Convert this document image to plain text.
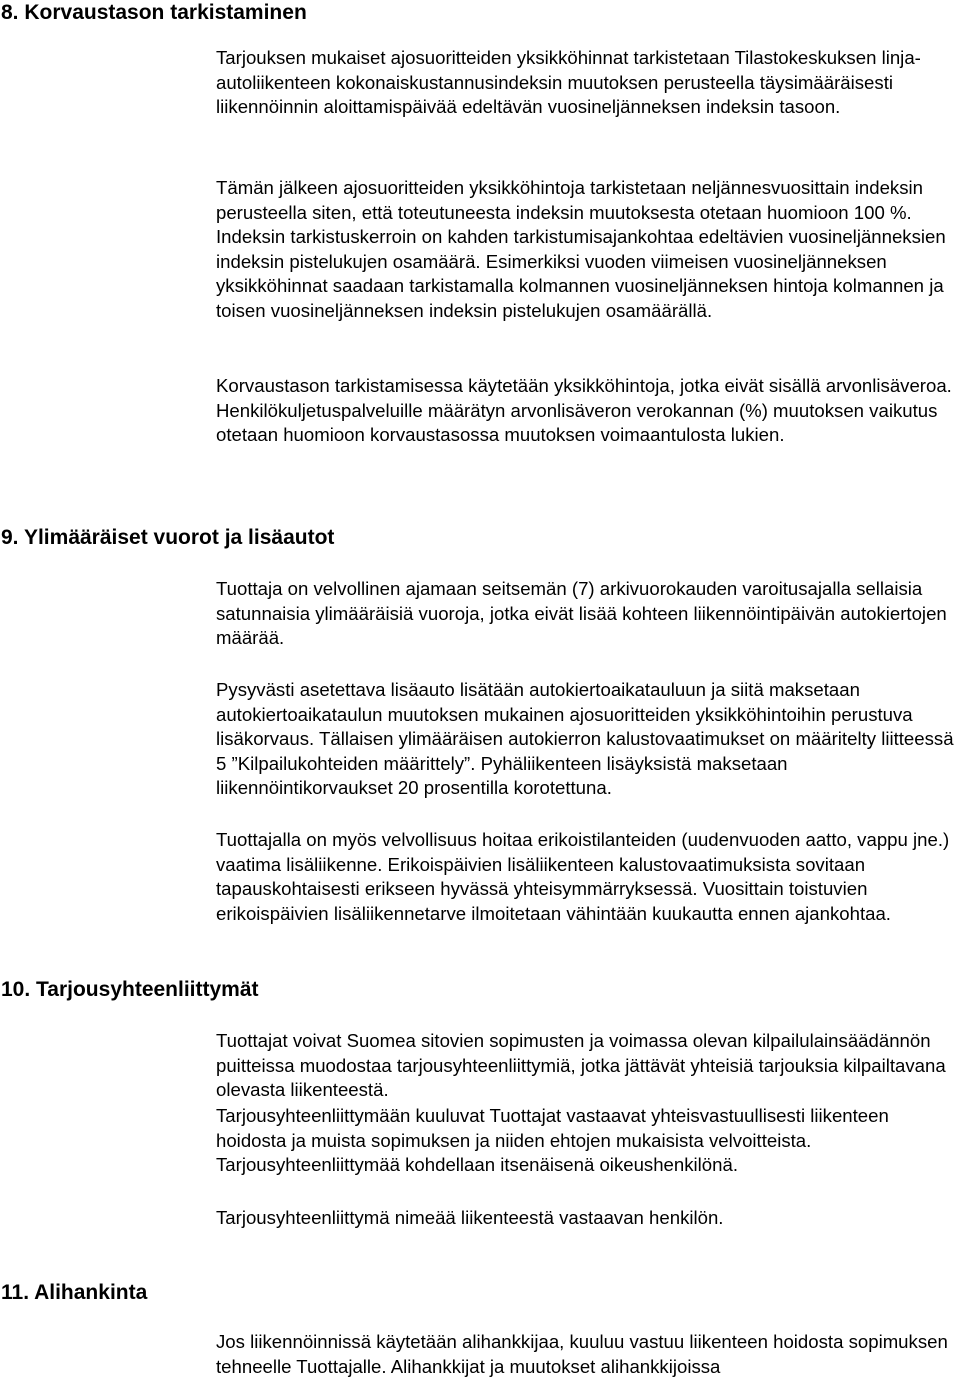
8. Korvaustason tarkistaminen

Tarjouksen mukaiset ajosuoritteiden yksikköhinnat tarkistetaan Tilastokeskuksen linja-autoliikenteen kokonaiskustannusindeksin muutoksen perusteella täysimääräisesti liikennöinnin aloittamispäivää edeltävän vuosineljänneksen indeksin tasoon.

Tämän jälkeen ajosuoritteiden yksikköhintoja tarkistetaan neljännesvuosittain indeksin perusteella siten, että toteutuneesta indeksin muutoksesta otetaan huomioon 100 %. Indeksin tarkistuskerroin on kahden tarkistumisajankohtaa edeltävien vuosineljänneksien indeksin pistelukujen osamäärä. Esimerkiksi vuoden viimeisen vuosineljänneksen yksikköhinnat saadaan tarkistamalla kolmannen vuosineljänneksen hintoja kolmannen ja toisen vuosineljänneksen indeksin pistelukujen osamäärällä.

Korvaustason tarkistamisessa käytetään yksikköhintoja, jotka eivät sisällä arvonlisäveroa. Henkilökuljetuspalveluille määrätyn arvonlisäveron verokannan (%) muutoksen vaikutus otetaan huomioon korvaustasossa muutoksen voimaantulosta lukien.

9. Ylimääräiset vuorot ja lisäautot

Tuottaja on velvollinen ajamaan seitsemän (7) arkivuorokauden varoitusajalla sellaisia satunnaisia ylimääräisiä vuoroja, jotka eivät lisää kohteen liikennöintipäivän autokiertojen määrää.

Pysyvästi asetettava lisäauto lisätään autokiertoaikatauluun ja siitä maksetaan autokiertoaikataulun muutoksen mukainen ajosuoritteiden yksikköhintoihin perustuva lisäkorvaus. Tällaisen ylimääräisen autokierron kalustovaatimukset on määritelty liitteessä 5 ”Kilpailukohteiden määrittely”. Pyhäliikenteen lisäyksistä maksetaan liikennöintikorvaukset 20 prosentilla korotettuna.

Tuottajalla on myös velvollisuus hoitaa erikoistilanteiden (uudenvuoden aatto, vappu jne.) vaatima lisäliikenne. Erikoispäivien lisäliikenteen kalustovaatimuksista sovitaan tapauskohtaisesti erikseen hyvässä yhteisymmärryksessä. Vuosittain toistuvien erikoispäivien lisäliikennetarve ilmoitetaan vähintään kuukautta ennen ajankohtaa.

10. Tarjousyhteenliittymät

Tuottajat voivat Suomea sitovien sopimusten ja voimassa olevan kilpailulainsäädännön puitteissa muodostaa tarjousyhteenliittymiä, jotka jättävät yhteisiä tarjouksia kilpailtavana olevasta liikenteestä.

Tarjousyhteenliittymään kuuluvat Tuottajat vastaavat yhteisvastuullisesti liikenteen hoidosta ja muista sopimuksen ja niiden ehtojen mukaisista velvoitteista. Tarjousyhteenliittymää kohdellaan itsenäisenä oikeushenkilönä.

Tarjousyhteenliittymä nimeää liikenteestä vastaavan henkilön.

11. Alihankinta

Jos liikennöinnissä käytetään alihankkijaa, kuuluu vastuu liikenteen hoidosta sopimuksen tehneelle Tuottajalle. Alihankkijat ja muutokset alihankkijoissa
